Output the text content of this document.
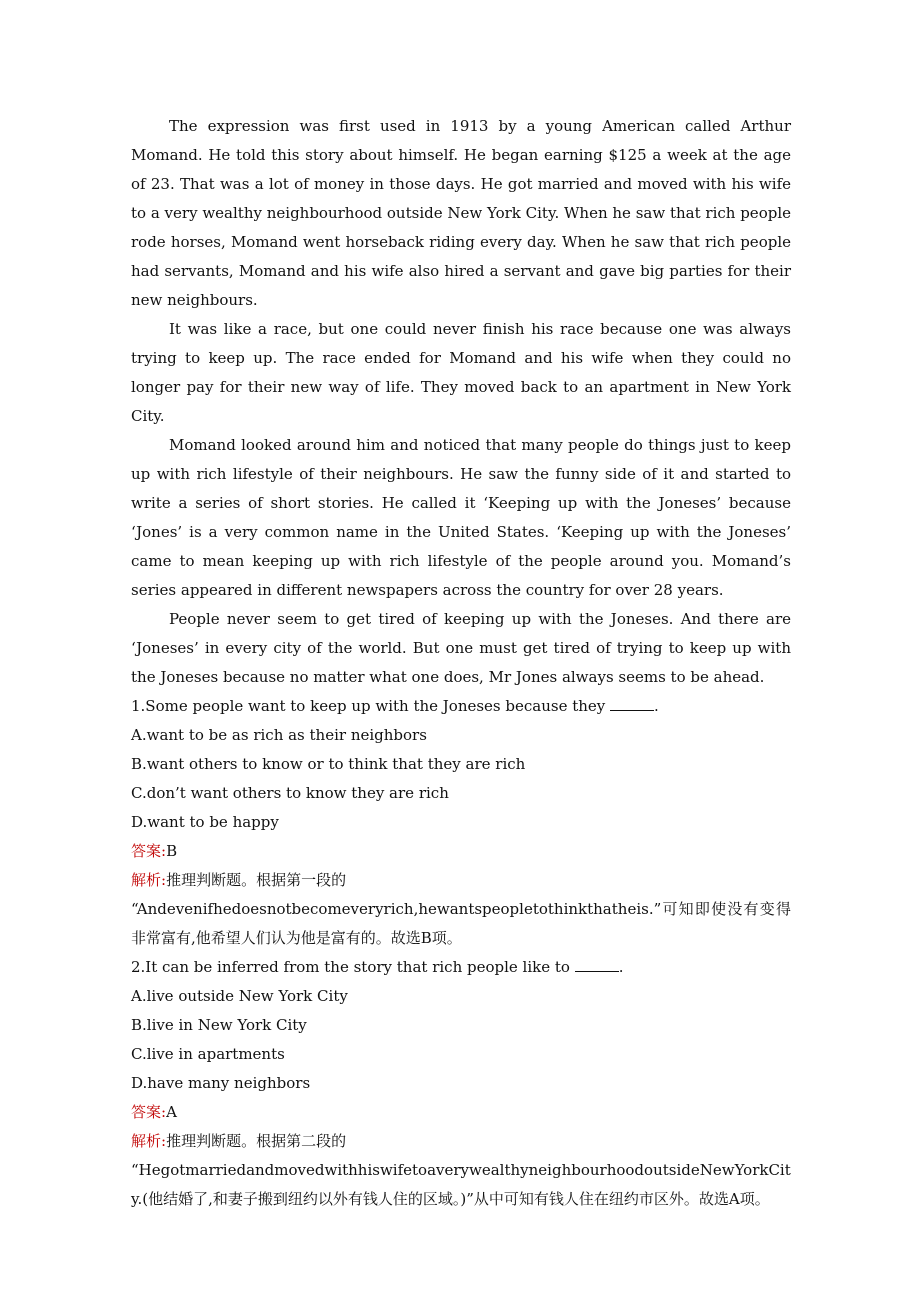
The expression was first used in 1913 by a young American called Arthur Momand. He told this story about himself. He began earning $125 a week at the age of 23. That was a lot of money in those days. He got married and moved with his wife to a very wealthy neighbourhood outside New York City. When he saw that rich people rode horses, Momand went horseback riding every day. When he saw that rich people had servants, Momand and his wife also hired a servant and gave big parties for their new neighbours.

It was like a race, but one could never finish his race because one was always trying to keep up. The race ended for Momand and his wife when they could no longer pay for their new way of life. They moved back to an apartment in New York City.

Momand looked around him and noticed that many people do things just to keep up with rich lifestyle of their neighbours. He saw the funny side of it and started to write a series of short stories. He called it ‘Keeping up with the Joneses’ because ‘Jones’ is a very common name in the United States. ‘Keeping up with the Joneses’ came to mean keeping up with rich lifestyle of the people around you. Momand’s series appeared in different newspapers across the country for over 28 years.

People never seem to get tired of keeping up with the Joneses. And there are ‘Joneses’ in every city of the world. But one must get tired of trying to keep up with the Joneses because no matter what one does, Mr Jones always seems to be ahead.

1.Some people want to keep up with the Joneses because they	.

A.want to be as rich as their neighbors

B.want others to know or to think that they are rich

C.don’t want others to know they are rich

D.want to be happy

答案:B

解析:推理判断题。根据第一段的

“Andevenifhedoesnotbecomeveryrich,hewantspeopletothinkthatheis.”可知即使没有变得非常富有,他希望人们认为他是富有的。故选B项。

2.It can be inferred from the story that rich people like to	.

A.live outside New York City

B.live in New York City

C.live in apartments

D.have many neighbors

答案:A

解析:推理判断题。根据第二段的

“HegotmarriedandmovedwithhiswifetoaverywealthyneighbourhoodoutsideNewYorkCity.(他结婚了,和妻子搬到纽约以外有钱人住的区域。)”从中可知有钱人住在纽约市区外。故选A项。
